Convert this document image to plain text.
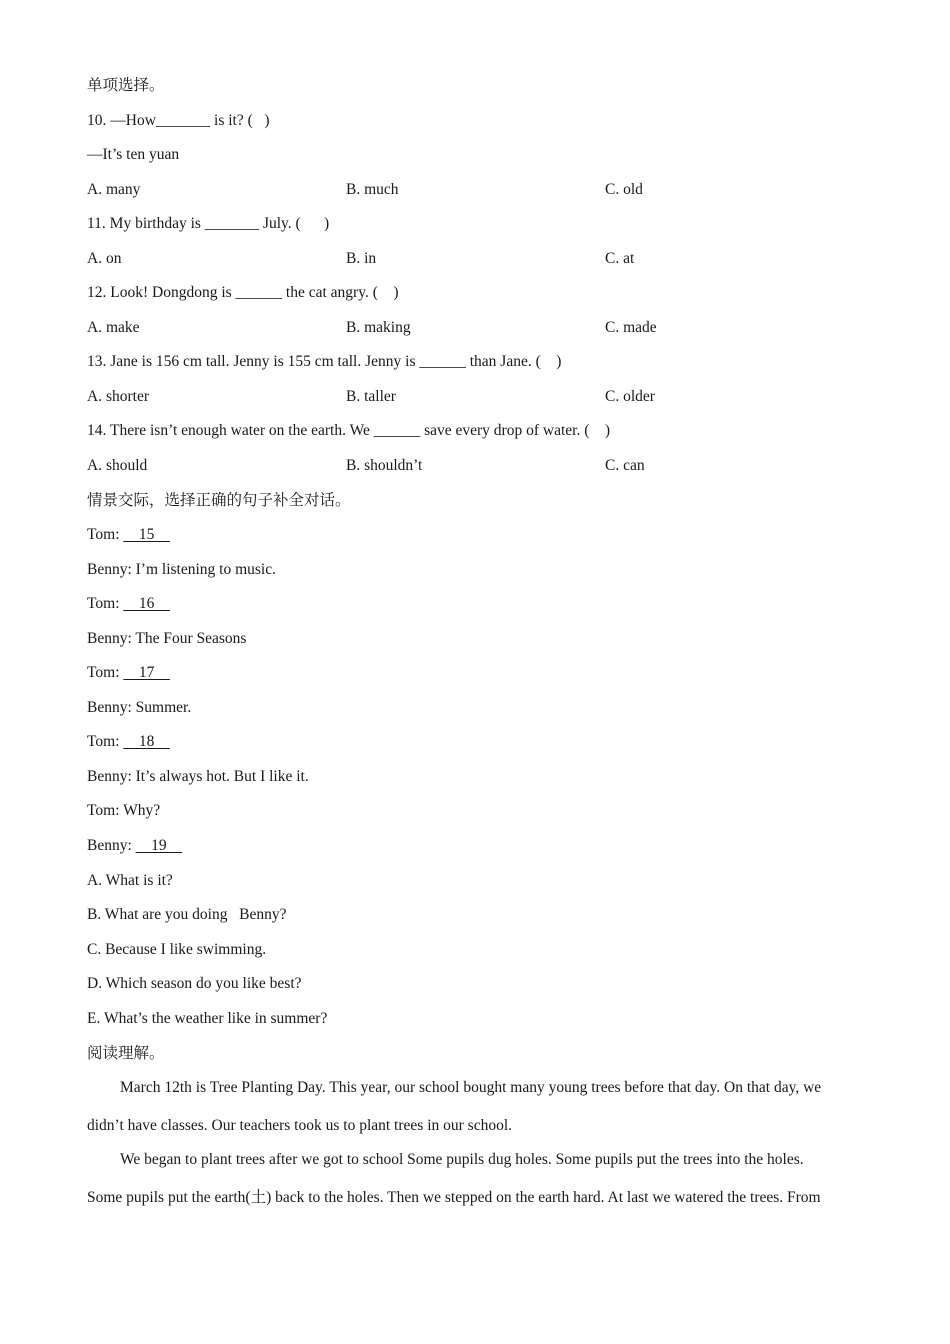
单项选择。
10. —How_______ is it? (   )
—It’s ten yuan
A. many	B. much	C. old
11. My birthday is _______ July. (      )
A. on	B. in	C. at
12. Look! Dongdong is ______ the cat angry. (    )
A. make	B. making	C. made
13. Jane is 156 cm tall. Jenny is 155 cm tall. Jenny is ______ than Jane. (    )
A. shorter	B. taller	C. older
14. There isn’t enough water on the earth. We ______ save every drop of water. (    )
A. should	B. shouldn’t	C. can
情景交际，选择正确的句子补全对话。
Tom:     15
Benny: I’m listening to music.
Tom:     16
Benny: The Four Seasons
Tom:     17
Benny: Summer.
Tom:     18
Benny: It’s always hot. But I like it.
Tom: Why?
Benny:     19
A. What is it?
B. What are you doing   Benny?
C. Because I like swimming.
D. Which season do you like best?
E. What’s the weather like in summer?
阅读理解。
March 12th is Tree Planting Day. This year, our school bought many young trees before that day. On that day, we
didn’t have classes. Our teachers took us to plant trees in our school.
We began to plant trees after we got to school Some pupils dug holes. Some pupils put the trees into the holes.
Some pupils put the earth(土) back to the holes. Then we stepped on the earth hard. At last we watered the trees. From
